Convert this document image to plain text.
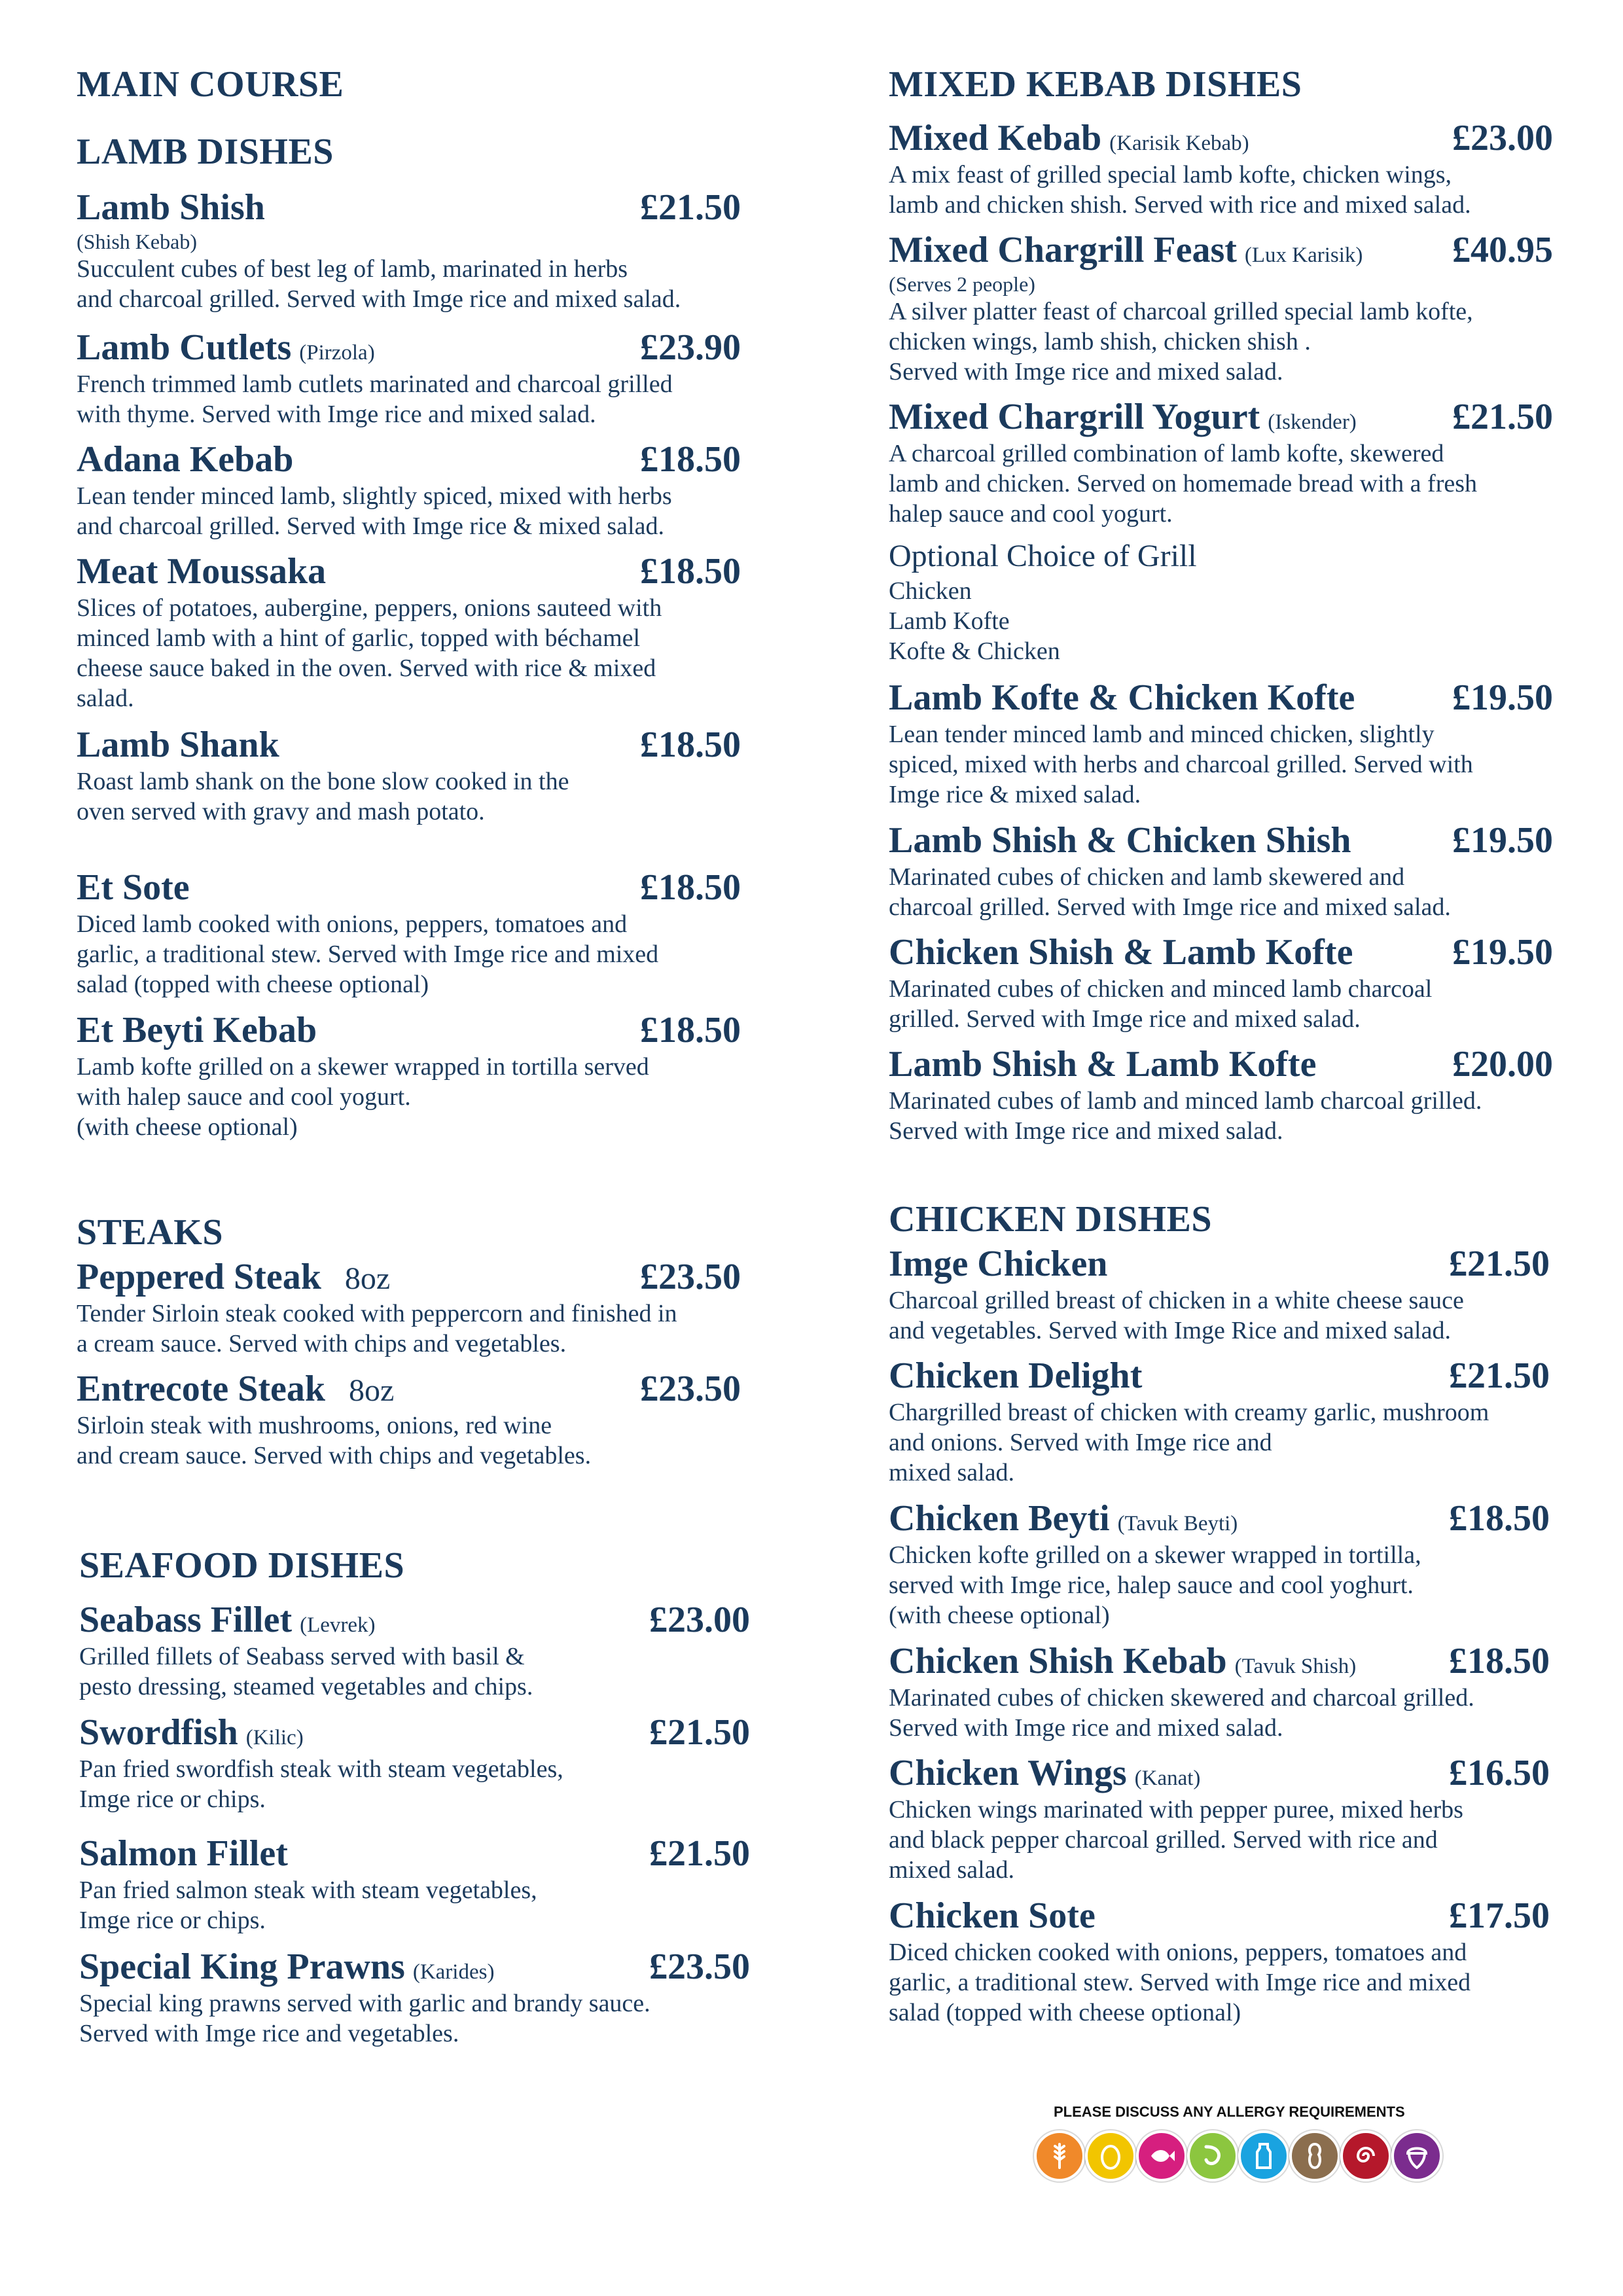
MAIN COURSE
LAMB DISHES
Lamb Shish	£21.50
(Shish Kebab)
Succulent cubes of best leg of lamb, marinated in herbs
and charcoal grilled. Served with Imge rice and mixed salad.
Lamb Cutlets (Pirzola)	£23.90
French trimmed lamb cutlets marinated and charcoal grilled
with thyme. Served with Imge rice and mixed salad.
Adana Kebab	£18.50
Lean tender minced lamb, slightly spiced, mixed with herbs
and charcoal grilled. Served with Imge rice & mixed salad.
Meat Moussaka	£18.50
Slices of potatoes, aubergine, peppers, onions sauteed with
minced lamb with a hint of garlic, topped with béchamel
cheese sauce baked in the oven. Served with rice & mixed
salad.
Lamb Shank	£18.50
Roast lamb shank on the bone slow cooked in the
oven served with gravy and mash potato.
Et Sote	£18.50
Diced lamb cooked with onions, peppers, tomatoes and
garlic, a traditional stew. Served with Imge rice and mixed
salad (topped with cheese optional)
Et Beyti Kebab	£18.50
Lamb kofte grilled on a skewer wrapped in tortilla served
with halep sauce and cool yogurt.
(with cheese optional)
STEAKS
Peppered Steak 8oz	£23.50
Tender Sirloin steak cooked with peppercorn and finished in
a cream sauce. Served with chips and vegetables.
Entrecote Steak 8oz	£23.50
Sirloin steak with mushrooms, onions, red wine
and cream sauce. Served with chips and vegetables.
SEAFOOD DISHES
Seabass Fillet (Levrek)	£23.00
Grilled fillets of Seabass served with basil &
pesto dressing, steamed vegetables and chips.
Swordfish (Kilic)	£21.50
Pan fried swordfish steak with steam vegetables,
Imge rice or chips.
Salmon Fillet	£21.50
Pan fried salmon steak with steam vegetables,
Imge rice or chips.
Special King Prawns (Karides)	£23.50
Special king prawns served with garlic and brandy sauce.
Served with Imge rice and vegetables.
MIXED KEBAB DISHES
Mixed Kebab (Karisik Kebab)	£23.00
A mix feast of grilled special lamb kofte, chicken wings,
lamb and chicken shish. Served with rice and mixed salad.
Mixed Chargrill Feast (Lux Karisik) £40.95
(Serves 2 people)
A silver platter feast of charcoal grilled special lamb kofte,
chicken wings, lamb shish, chicken shish .
Served with Imge rice and mixed salad.
Mixed Chargrill Yogurt (Iskender)	£21.50
A charcoal grilled combination of lamb kofte, skewered
lamb and chicken. Served on homemade bread with a fresh
halep sauce and cool yogurt.
Optional Choice of Grill
Chicken
Lamb Kofte
Kofte & Chicken
Lamb Kofte & Chicken Kofte	£19.50
Lean tender minced lamb and minced chicken, slightly
spiced, mixed with herbs and charcoal grilled. Served with
Imge rice & mixed salad.
Lamb Shish & Chicken Shish	£19.50
Marinated cubes of chicken and lamb skewered and
charcoal grilled. Served with Imge rice and mixed salad.
Chicken Shish & Lamb Kofte	£19.50
Marinated cubes of chicken and minced lamb charcoal
grilled. Served with Imge rice and mixed salad.
Lamb Shish & Lamb Kofte	£20.00
Marinated cubes of lamb and minced lamb charcoal grilled.
Served with Imge rice and mixed salad.
CHICKEN DISHES
Imge Chicken	£21.50
Charcoal grilled breast of chicken in a white cheese sauce
and vegetables. Served with Imge Rice and mixed salad.
Chicken Delight	£21.50
Chargrilled breast of chicken with creamy garlic, mushroom
and onions. Served with Imge rice and
mixed salad.
Chicken Beyti (Tavuk Beyti)	£18.50
Chicken kofte grilled on a skewer wrapped in tortilla,
served with Imge rice, halep sauce and cool yoghurt.
(with cheese optional)
Chicken Shish Kebab (Tavuk Shish)	£18.50
Marinated cubes of chicken skewered and charcoal grilled.
Served with Imge rice and mixed salad.
Chicken Wings (Kanat)	£16.50
Chicken wings marinated with pepper puree, mixed herbs
and black pepper charcoal grilled. Served with rice and
mixed salad.
Chicken Sote	£17.50
Diced chicken cooked with onions, peppers, tomatoes and
garlic, a traditional stew. Served with Imge rice and mixed
salad (topped with cheese optional)
PLEASE DISCUSS ANY ALLERGY REQUIREMENTS
